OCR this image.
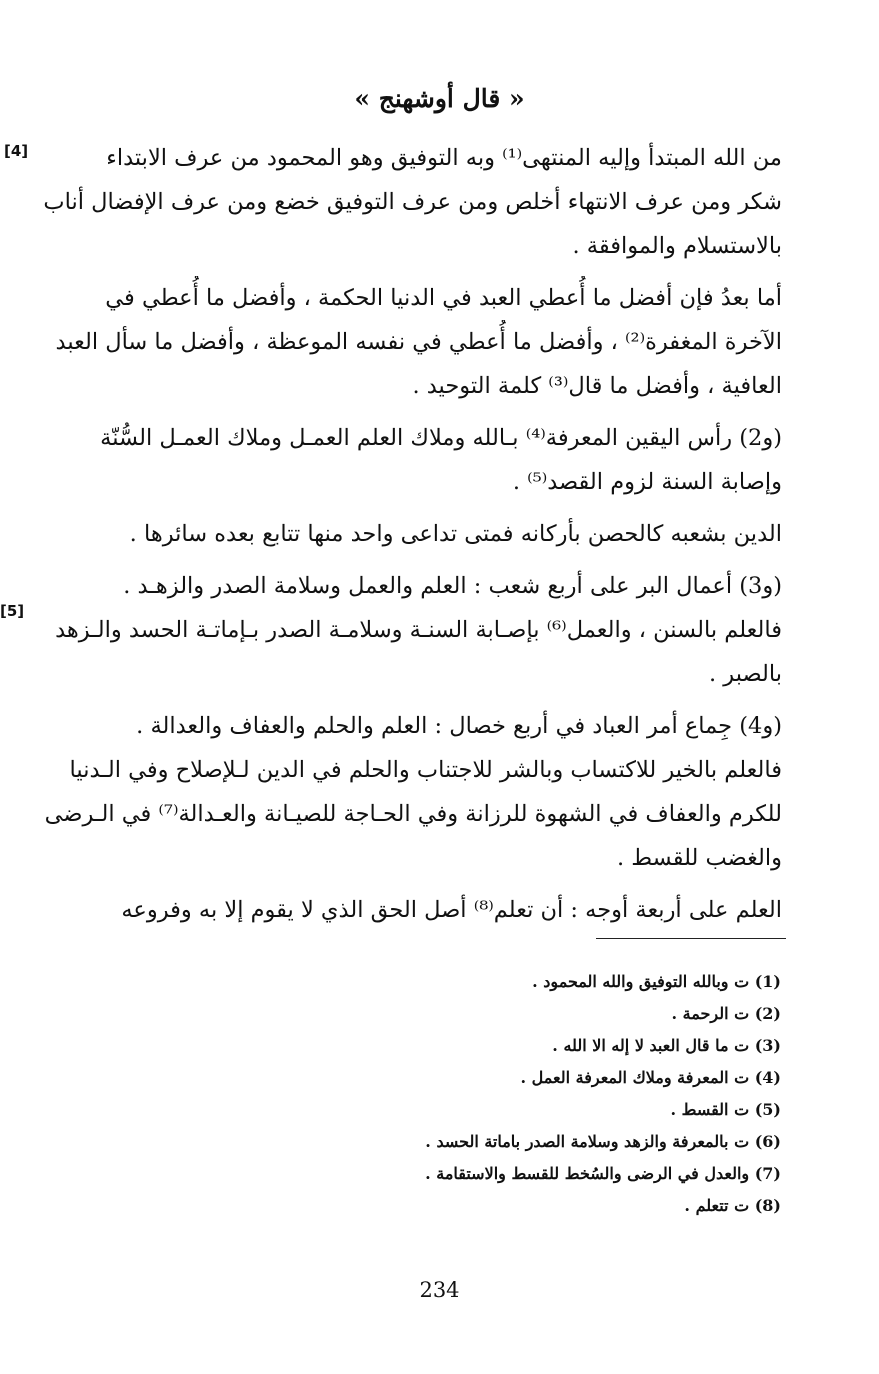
« قال أوشهنج »
[4]
[5]
من الله المبتدأ وإليه المنتهى⁽¹⁾ وبه التوفيق وهو المحمود من عرف الابتداء
شكر ومن عرف الانتهاء أخلص ومن عرف التوفيق خضع ومن عرف الإفضال أناب
بالاستسلام والموافقة .
أما بعدُ فإن أفضل ما أُعطي العبد في الدنيا الحكمة ، وأفضل ما أُعطي في
الآخرة المغفرة⁽²⁾ ، وأفضل ما أُعطي في نفسه الموعظة ، وأفضل ما سأل العبد
العافية ، وأفضل ما قال⁽³⁾ كلمة التوحيد .
(و2) رأس اليقين المعرفة⁽⁴⁾ بـالله وملاك العلم العمـل وملاك العمـل السُّنّة
وإصابة السنة لزوم القصد⁽⁵⁾ .
الدين بشعبه كالحصن بأركانه فمتى تداعى واحد منها تتابع بعده سائرها .
(و3) أعمال البر على أربع شعب : العلم والعمل وسلامة الصدر والزهـد .
فالعلم بالسنن ، والعمل⁽⁶⁾ بإصـابة السنـة وسلامـة الصدر بـإماتـة الحسد والـزهد
بالصبر .
(و4) جِماع أمر العباد في أربع خصال : العلم والحلم والعفاف والعدالة .
فالعلم بالخير للاكتساب وبالشر للاجتناب والحلم في الدين لـلإصلاح وفي الـدنيا
للكرم والعفاف في الشهوة للرزانة وفي الحـاجة للصيـانة والعـدالة⁽⁷⁾ في الـرضى
والغضب للقسط .
العلم على أربعة أوجه : أن تعلم⁽⁸⁾ أصل الحق الذي لا يقوم إلا به وفروعه
(1) ت وبالله التوفيق والله المحمود .
(2) ت الرحمة .
(3) ت ما قال العبد لا إله الا الله .
(4) ت المعرفة وملاك المعرفة العمل .
(5) ت القسط .
(6) ت بالمعرفة والزهد وسلامة الصدر باماتة الحسد .
(7) والعدل في الرضى والسُخط للقسط والاستقامة .
(8) ت تتعلم .
234
